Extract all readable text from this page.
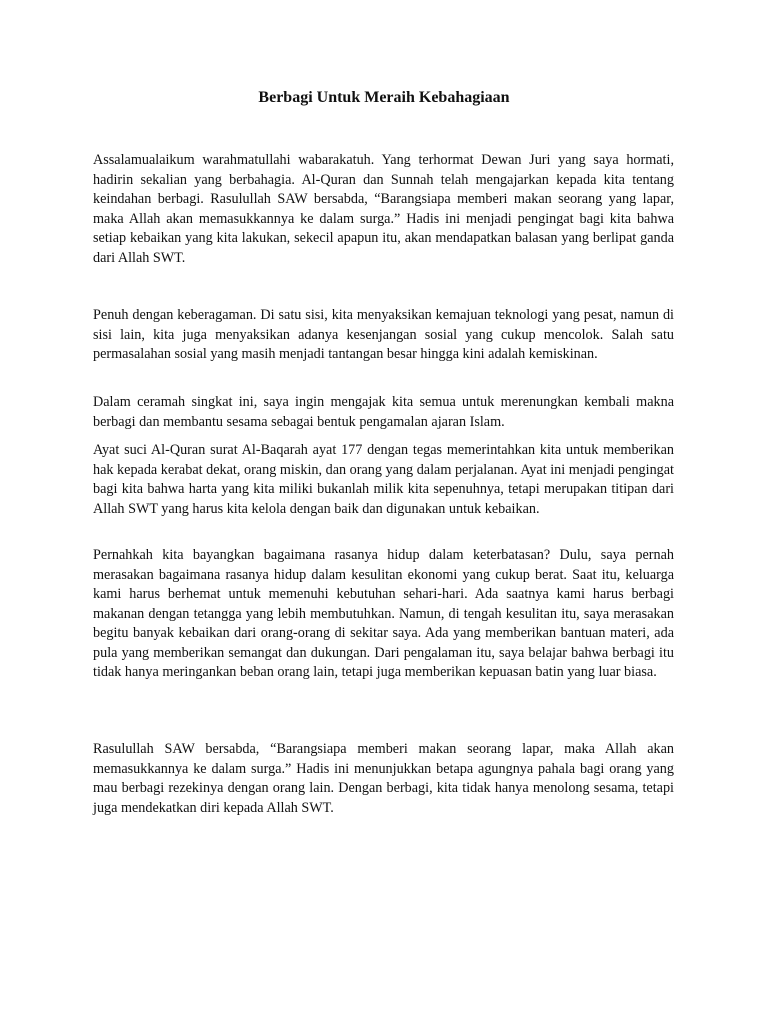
Berbagi Untuk Meraih Kebahagiaan

Assalamualaikum warahmatullahi wabarakatuh. Yang terhormat Dewan Juri yang saya hormati, hadirin sekalian yang berbahagia. Al-Quran dan Sunnah telah mengajarkan kepada kita tentang keindahan berbagi. Rasulullah SAW bersabda, “Barangsiapa memberi makan seorang yang lapar, maka Allah akan memasukkannya ke dalam surga.” Hadis ini menjadi pengingat bagi kita bahwa setiap kebaikan yang kita lakukan, sekecil apapun itu, akan mendapatkan balasan yang berlipat ganda dari Allah SWT.

Penuh dengan keberagaman. Di satu sisi, kita menyaksikan kemajuan teknologi yang pesat, namun di sisi lain, kita juga menyaksikan adanya kesenjangan sosial yang cukup mencolok. Salah satu permasalahan sosial yang masih menjadi tantangan besar hingga kini adalah kemiskinan.

Dalam ceramah singkat ini, saya ingin mengajak kita semua untuk merenungkan kembali makna berbagi dan membantu sesama sebagai bentuk pengamalan ajaran Islam.

Ayat suci Al-Quran surat Al-Baqarah ayat 177 dengan tegas memerintahkan kita untuk memberikan hak kepada kerabat dekat, orang miskin, dan orang yang dalam perjalanan. Ayat ini menjadi pengingat bagi kita bahwa harta yang kita miliki bukanlah milik kita sepenuhnya, tetapi merupakan titipan dari Allah SWT yang harus kita kelola dengan baik dan digunakan untuk kebaikan.

Pernahkah kita bayangkan bagaimana rasanya hidup dalam keterbatasan? Dulu, saya pernah merasakan bagaimana rasanya hidup dalam kesulitan ekonomi yang cukup berat. Saat itu, keluarga kami harus berhemat untuk memenuhi kebutuhan sehari-hari. Ada saatnya kami harus berbagi makanan dengan tetangga yang lebih membutuhkan. Namun, di tengah kesulitan itu, saya merasakan begitu banyak kebaikan dari orang-orang di sekitar saya. Ada yang memberikan bantuan materi, ada pula yang memberikan semangat dan dukungan. Dari pengalaman itu, saya belajar bahwa berbagi itu tidak hanya meringankan beban orang lain, tetapi juga memberikan kepuasan batin yang luar biasa.

Rasulullah SAW bersabda, “Barangsiapa memberi makan seorang lapar, maka Allah akan memasukkannya ke dalam surga.” Hadis ini menunjukkan betapa agungnya pahala bagi orang yang mau berbagi rezekinya dengan orang lain. Dengan berbagi, kita tidak hanya menolong sesama, tetapi juga mendekatkan diri kepada Allah SWT.
